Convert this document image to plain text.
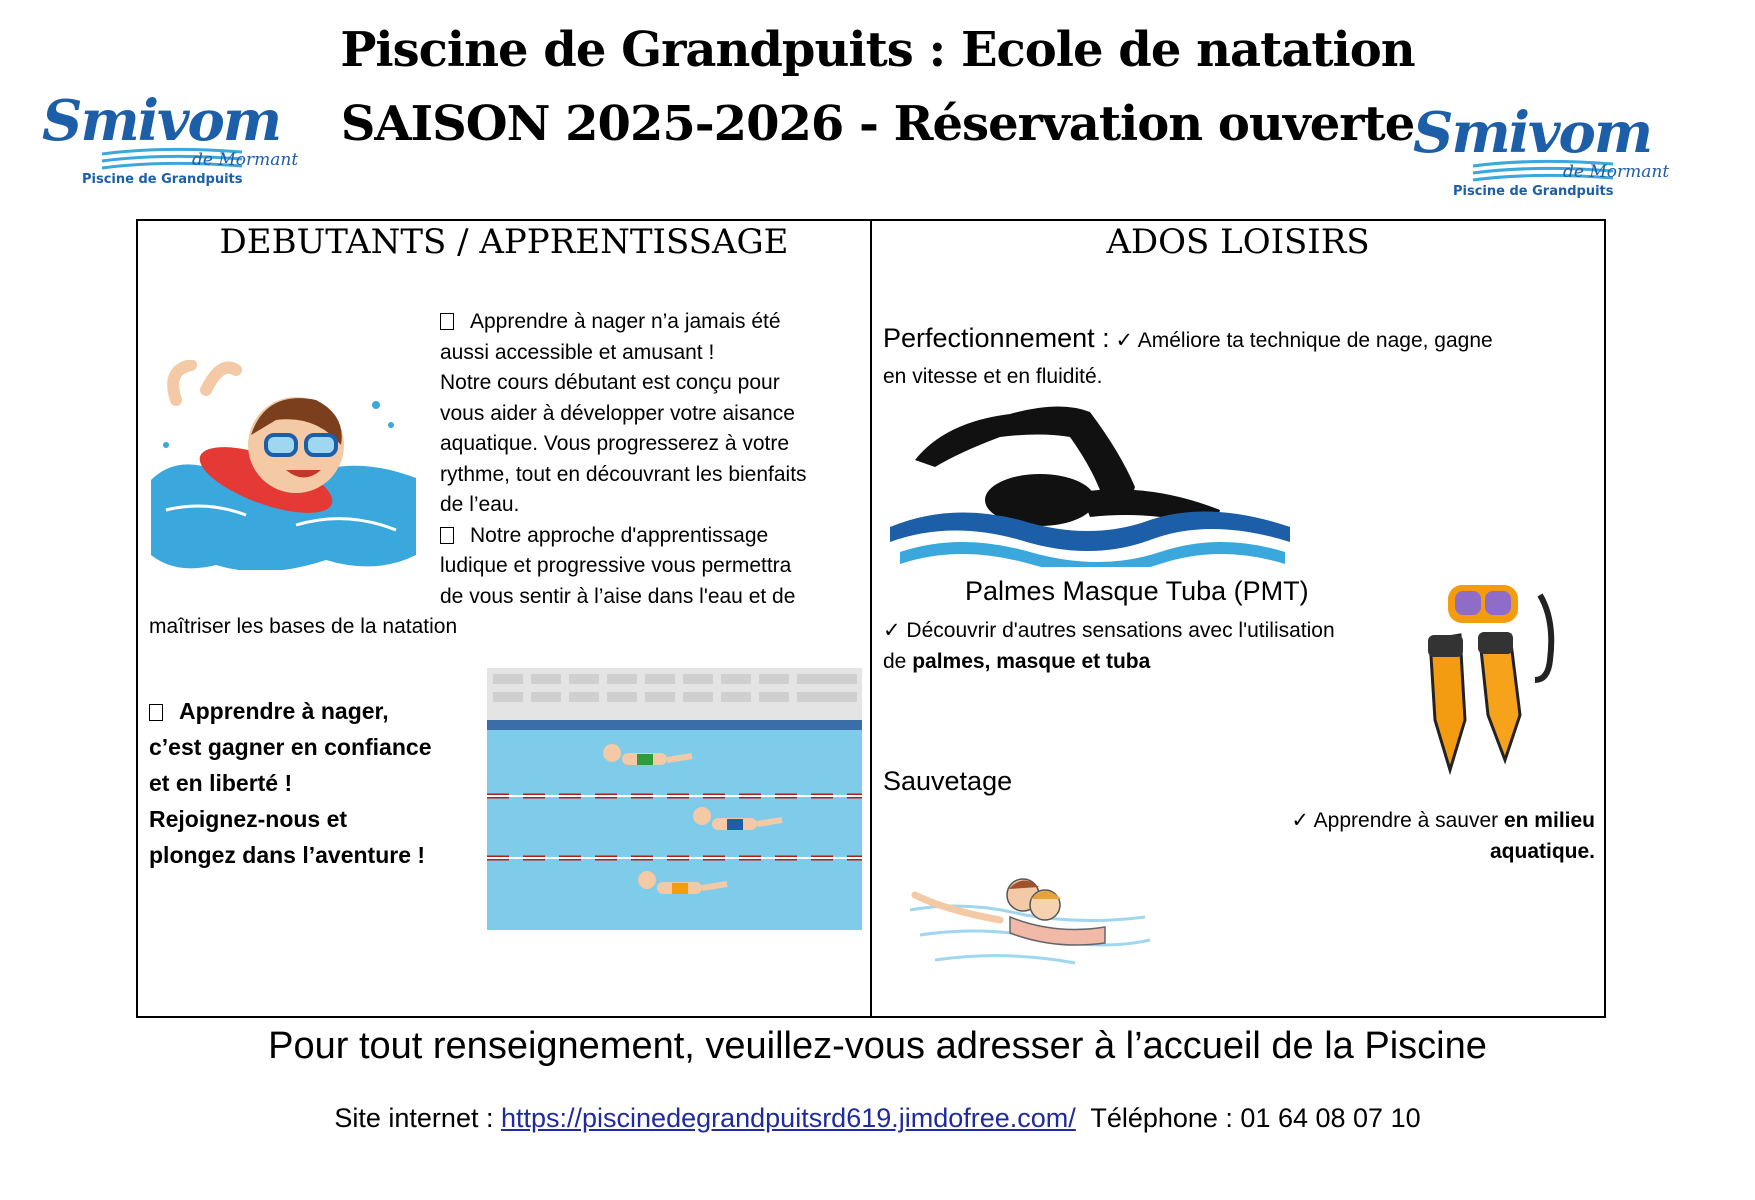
Piscine de Grandpuits : Ecole de natation
SAISON 2025-2026 - Réservation ouverte
Smivom
de Mormant
Piscine de Grandpuits
Smivom
de Mormant
Piscine de Grandpuits
DEBUTANTS / APPRENTISSAGE
Apprendre à nager n’a jamais été
aussi accessible et amusant !
Notre cours débutant est conçu pour
vous aider à développer votre aisance
aquatique. Vous progresserez à votre
rythme, tout en découvrant les bienfaits
de l’eau.
Notre approche d'apprentissage
ludique et progressive vous permettra
de vous sentir à l’aise dans l'eau et de
maîtriser les bases de la natation
Apprendre à nager,
c’est gagner en confiance
et en liberté !
Rejoignez-nous et
plongez dans l’aventure !
ADOS LOISIRS
Perfectionnement : ✓ Améliore ta technique de nage, gagne
en vitesse et en fluidité.
Palmes Masque Tuba (PMT)
✓ Découvrir d'autres sensations avec l'utilisation
de palmes, masque et tuba
Sauvetage
✓ Apprendre à sauver en milieu
aquatique.
Pour tout renseignement, veuillez-vous adresser à l’accueil de la Piscine
Site internet : https://piscinedegrandpuitsrd619.jimdofree.com/ Téléphone : 01 64 08 07 10
